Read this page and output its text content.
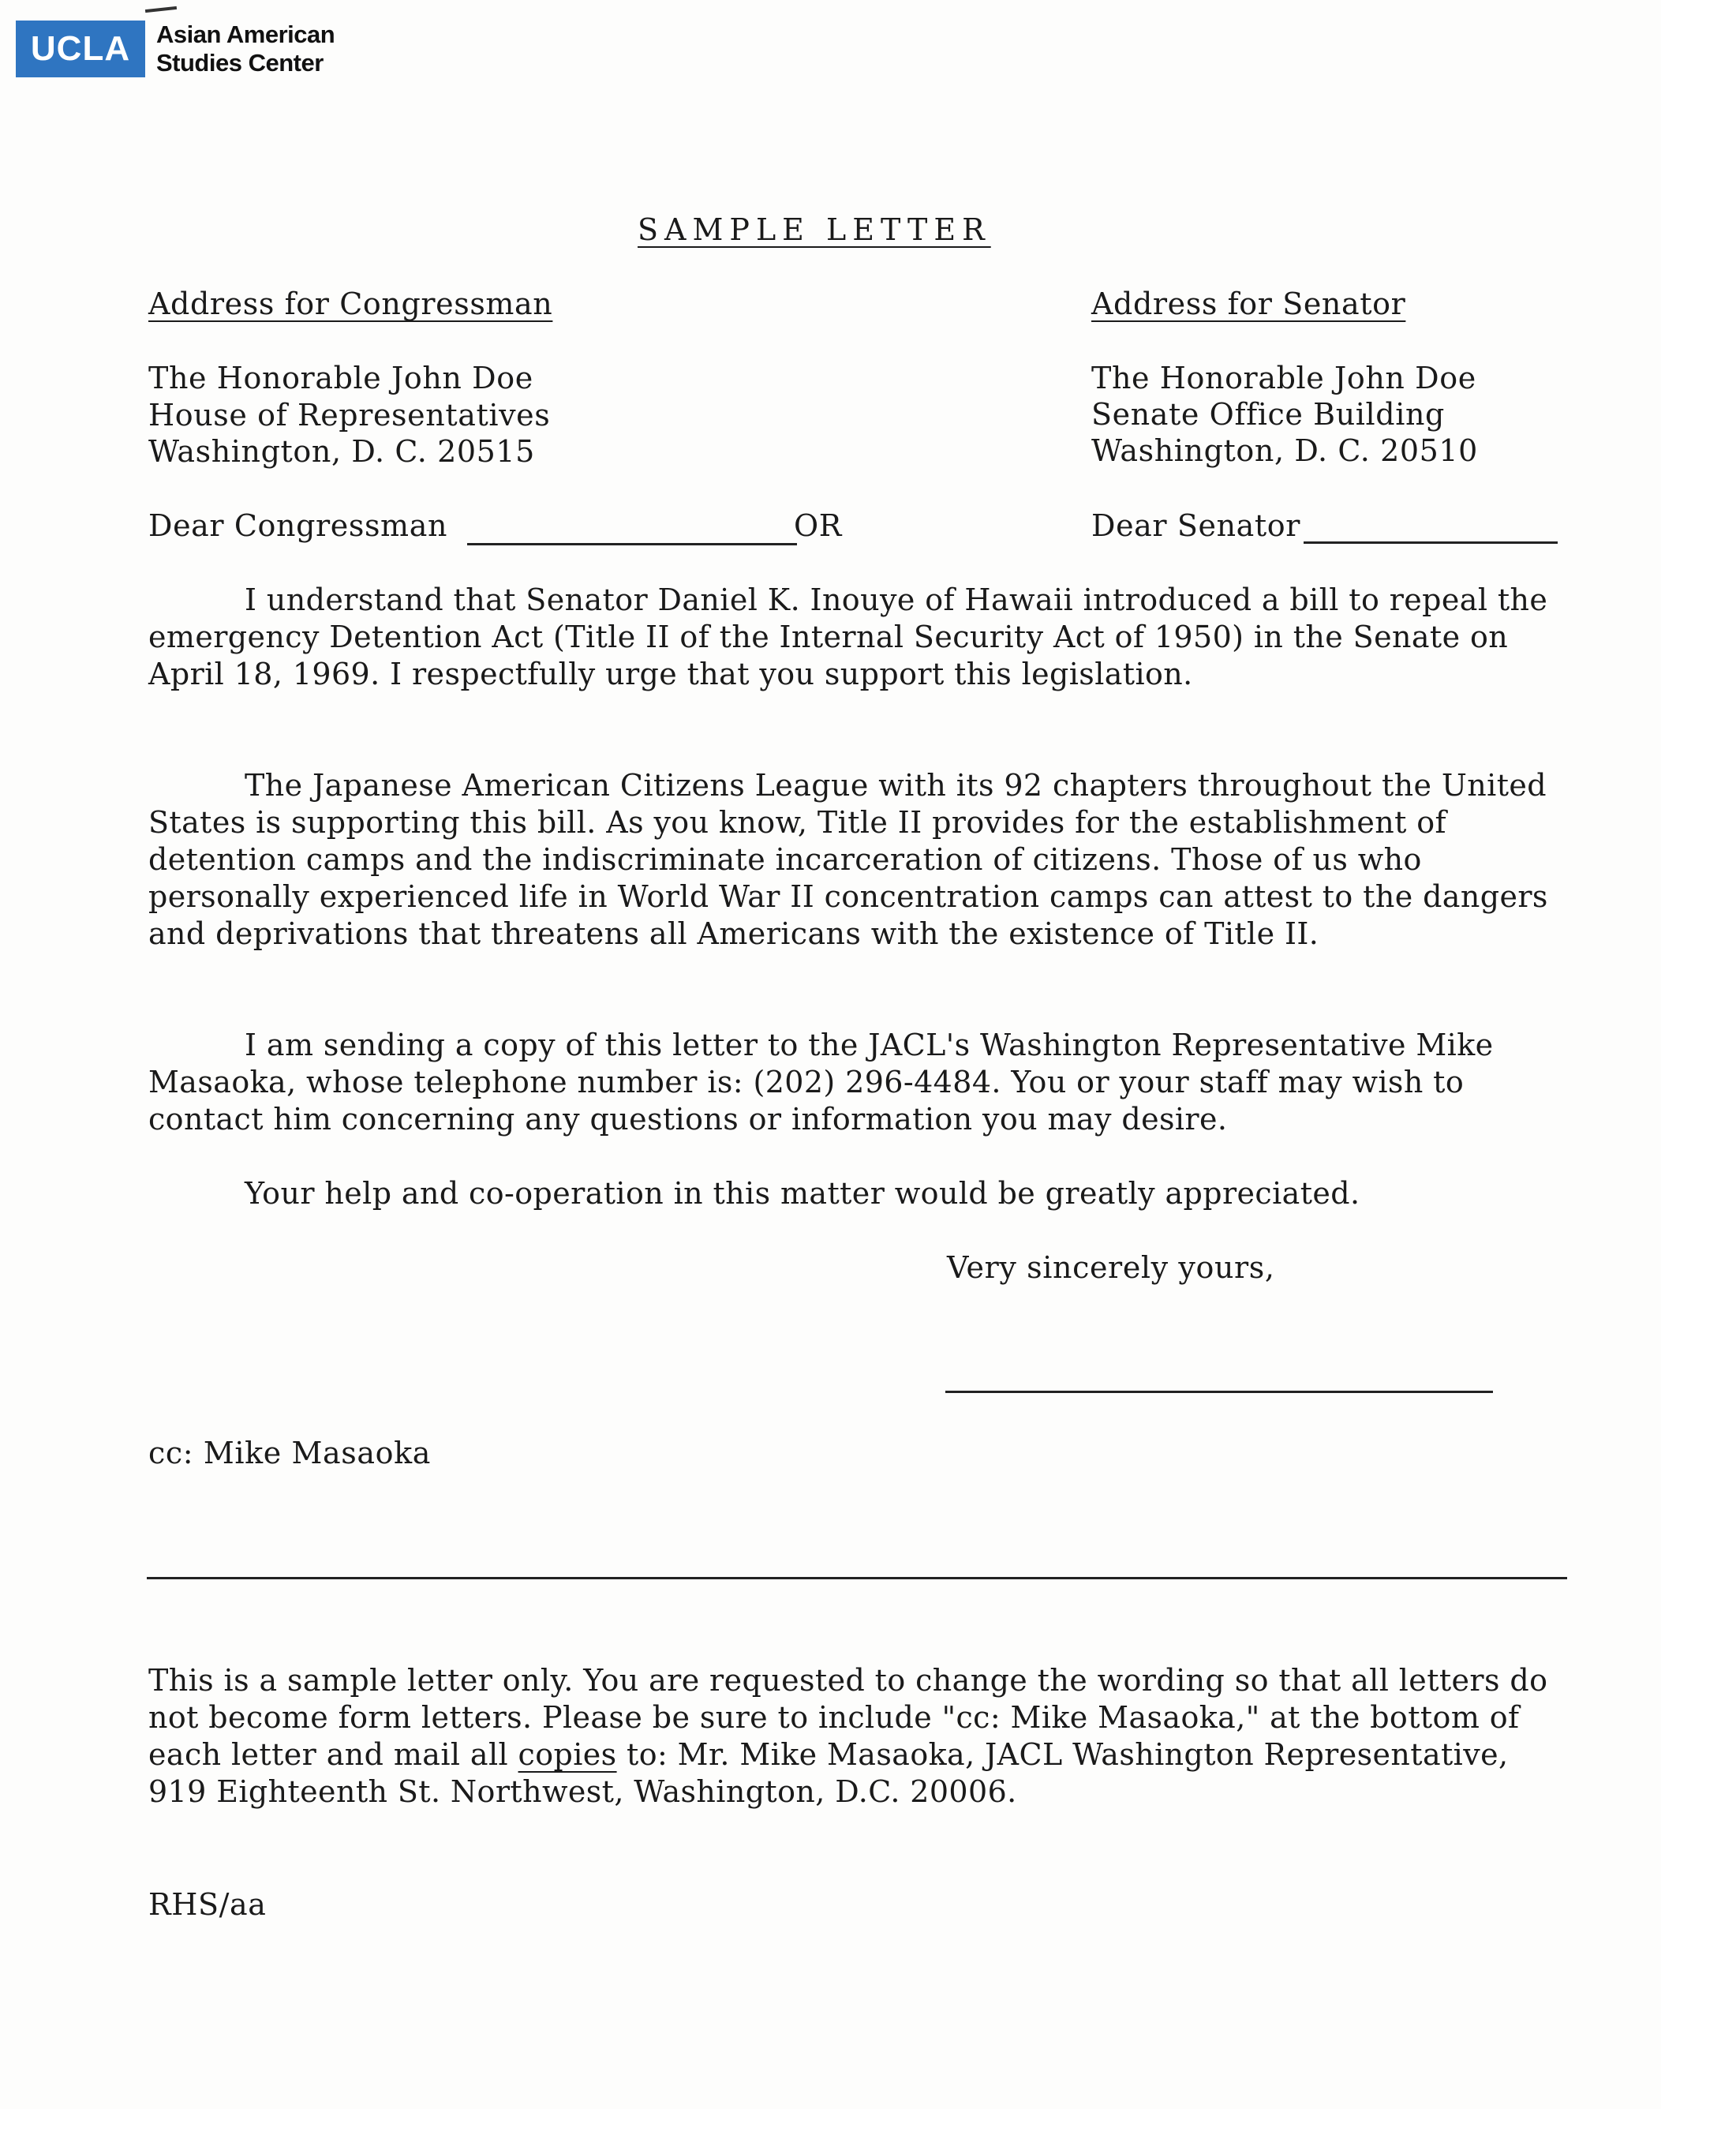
UCLA	Asian American
Studies Center
SAMPLE LETTER
Address for Congressman
The Honorable John Doe
House of Representatives
Washington, D. C. 20515
Address for Senator
The Honorable John Doe
Senate Office Building
Washington, D. C. 20510
Dear Congressman	OR	Dear Senator
I understand that Senator Daniel K. Inouye of Hawaii introduced a bill to repeal the emergency Detention Act (Title II of the Internal Security Act of 1950) in the Senate on April 18, 1969. I respectfully urge that you support this legislation.
The Japanese American Citizens League with its 92 chapters throughout the United States is supporting this bill. As you know, Title II provides for the establishment of detention camps and the indiscriminate incarceration of citizens. Those of us who personally experienced life in World War II concentration camps can attest to the dangers and deprivations that threatens all Americans with the existence of Title II.
I am sending a copy of this letter to the JACL's Washington Representative Mike Masaoka, whose telephone number is: (202) 296-4484. You or your staff may wish to contact him concerning any questions or information you may desire.
Your help and co-operation in this matter would be greatly appreciated.
Very sincerely yours,
cc: Mike Masaoka
This is a sample letter only. You are requested to change the wording so that all letters do not become form letters. Please be sure to include "cc: Mike Masaoka," at the bottom of each letter and mail all copies to: Mr. Mike Masaoka, JACL Washington Representative, 919 Eighteenth St. Northwest, Washington, D.C. 20006.
RHS/aa
